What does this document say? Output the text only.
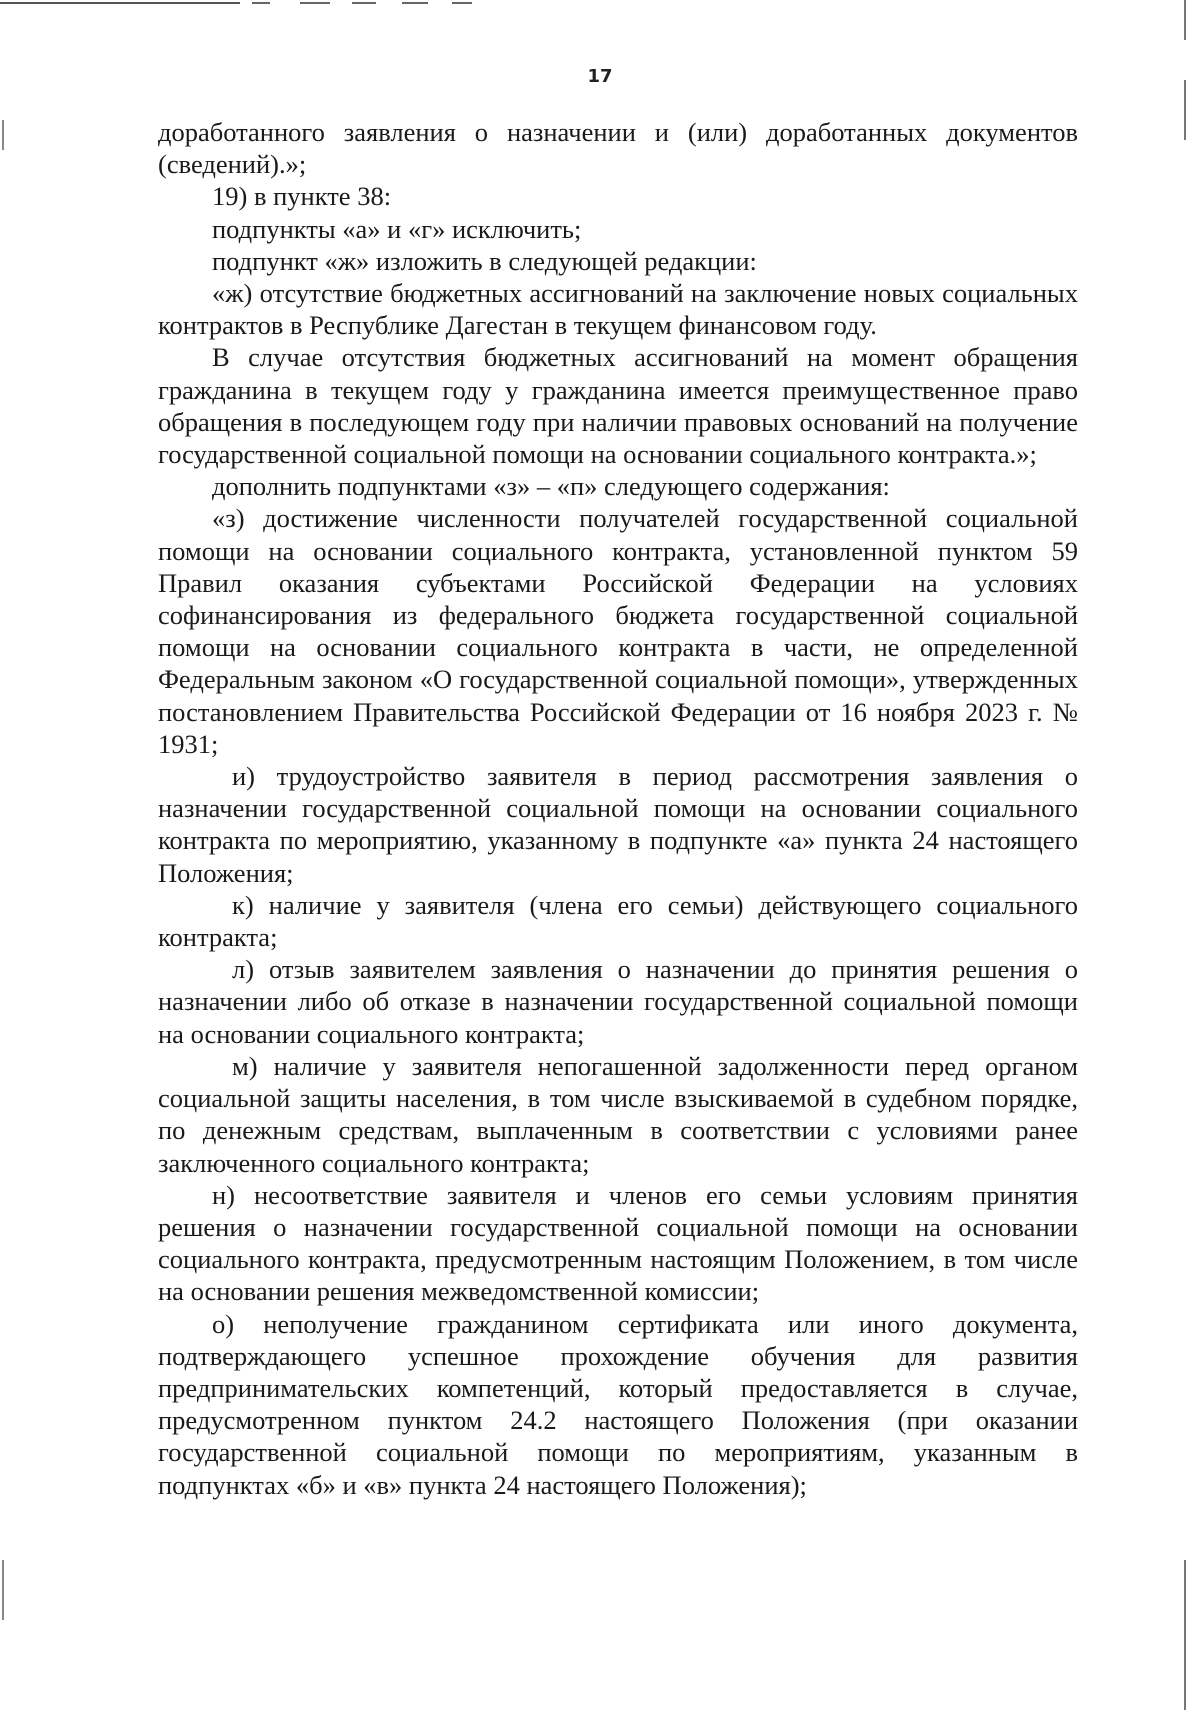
17

доработанного заявления о назначении и (или) доработанных документов (сведений).»;

19) в пункте 38:

подпункты «а» и «г» исключить;

подпункт «ж» изложить в следующей редакции:

«ж) отсутствие бюджетных ассигнований на заключение новых социальных контрактов в Республике Дагестан в текущем финансовом году.

В случае отсутствия бюджетных ассигнований на момент обращения гражданина в текущем году у гражданина имеется преимущественное право обращения в последующем году при наличии правовых оснований на получение государственной социальной помощи на основании социального контракта.»;

дополнить подпунктами «з» – «п» следующего содержания:

«з) достижение численности получателей государственной социальной помощи на основании социального контракта, установленной пунктом 59 Правил оказания субъектами Российской Федерации на условиях софинансирования из федерального бюджета государственной социальной помощи на основании социального контракта в части, не определенной Федеральным законом «О государственной социальной помощи», утвержденных постановлением Правительства Российской Федерации от 16 ноября 2023 г. № 1931;

и) трудоустройство заявителя в период рассмотрения заявления о назначении государственной социальной помощи на основании социального контракта по мероприятию, указанному в подпункте «а» пункта 24 настоящего Положения;

к) наличие у заявителя (члена его семьи) действующего социального контракта;

л) отзыв заявителем заявления о назначении до принятия решения о назначении либо об отказе в назначении государственной социальной помощи на основании социального контракта;

м) наличие у заявителя непогашенной задолженности перед органом социальной защиты населения, в том числе взыскиваемой в судебном порядке, по денежным средствам, выплаченным в соответствии с условиями ранее заключенного социального контракта;

н) несоответствие заявителя и членов его семьи условиям принятия решения о назначении государственной социальной помощи на основании социального контракта, предусмотренным настоящим Положением, в том числе на основании решения межведомственной комиссии;

о) неполучение гражданином сертификата или иного документа, подтверждающего успешное прохождение обучения для развития предпринимательских компетенций, который предоставляется в случае, предусмотренном пунктом 24.2 настоящего Положения (при оказании государственной социальной помощи по мероприятиям, указанным в подпунктах «б» и «в» пункта 24 настоящего Положения);
